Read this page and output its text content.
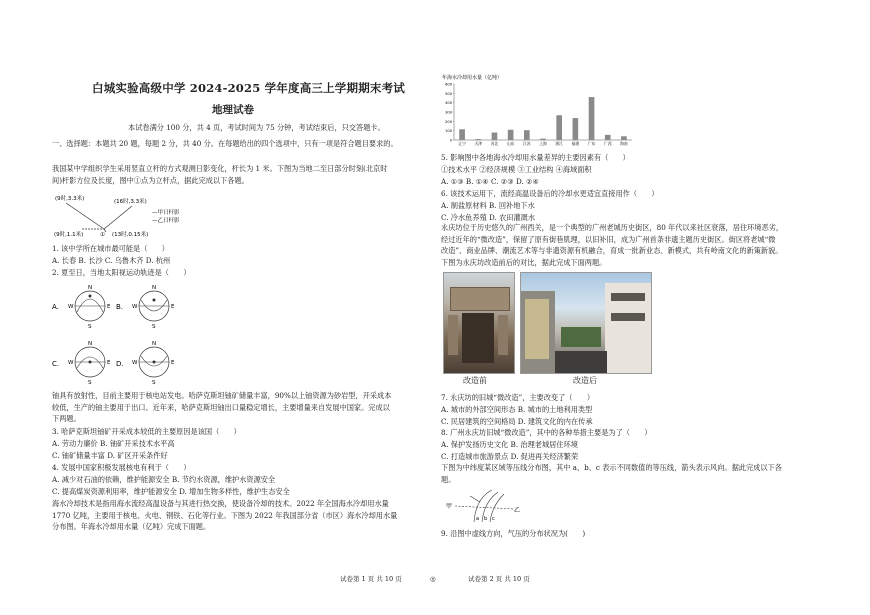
白城实验高级中学 2024-2025 学年度高三上学期期末考试
地理试卷
本试卷满分 100 分，共 4 页，考试时间为 75 分钟，考试结束后，只交答题卡。
一、选择题：本题共 20 题，每题 2 分，共 40 分。在每题给出的四个选项中，只有一项是符合题目要求的。
我国某中学组织学生采用竖直立杆的方式观测日影变化，杆长为 1 米。下图为当地二至日部分时刻(北京时
间)杆影方位及长度，图中①点为立杆点，据此完成以下各题。
(9时,3.3米)	(16时,3.3米)
(9时,1.1米)	(13时,0.15米)
①
—甲日杆影
—乙日杆影
1. 该中学所在城市最可能是（　　）
A. 长春 B. 长沙 C. 乌鲁木齐 D. 杭州
2. 夏至日，当地太阳视运动轨迹是（　　）
A.
N
S
W	E B.
N
S
W	E
C.
N
S
W	E D.
N
S
W	E
铀具有放射性，目前主要用于核电站发电。哈萨克斯坦铀矿储量丰富，90%以上铀资源为砂岩型，开采成本
较低，生产的铀主要用于出口。近年来，哈萨克斯坦铀出口量稳定增长，主要增量来自发展中国家。完成以
下两题。
3. 哈萨克斯坦铀矿开采成本较低的主要原因是该国（　　）
A. 劳动力廉价 B. 铀矿开采技术水平高
C. 铀矿储量丰富 D. 矿区开采条件好
4. 发展中国家积极发展核电有利于（　　）
A. 减少对石油的依赖，维护能源安全 B. 节约水资源，维护水资源安全
C. 提高煤炭资源利用率，维护能源安全 D. 增加生物多样性，维护生态安全
海水冷却技术是指用海水流经高温设备与其进行热交换，使设备冷却的技术。2022 年全国海水冷却用水量
1770 亿吨，主要用于核电、火电、钢铁、石化等行业。下图为 2022 年我国部分省（市区）海水冷却用水量
分布图。年海水冷却用水量（亿吨）完成下面题。
年海水冷却用水量（亿吨）
600
500
400
300
200
100
0
辽宁 天津 河北 山东 江苏 上海 浙江 福建 广东 广西 海南
5. 影响图中各地海水冷却用水量差异的主要因素有（　　）
①技术水平 ②经济规模 ③工业结构 ④海域面积
A. ①③ B. ①④ C. ②③ D. ②④
6. 该技术运用下，流经高温设备后的冷却水更适宜直接用作（　　）
A. 制盐原材料 B. 回补地下水
C. 冷水鱼养殖 D. 农田灌溉水
永庆坊位于历史悠久的广州西关，是一个典型的广州老城历史街区，80 年代以来社区衰落，居住环境恶劣，
经过近年的“微改造”，保留了原有街巷肌理，以旧补旧，成为广州首条非遗主题历史街区。街区将老城“微
改造”、商业品牌、潮流艺术等与非遗资源有机融合，育成一批新业态、新模式，共有岭南文化的新策新貌。
下图为永庆坊改造前后的对比，据此完成下面两题。
改造前	改造后
7. 永庆坊的旧城“微改造”，主要改变了（　　）
A. 城市的外部空间形态 B. 城市的土地利用类型
C. 民居建筑的空间格局 D. 建筑文化的内在传承
8. 广州永庆坊旧城“微改造”，其中的各种举措主要是为了（　　）
A. 保护发扬历史文化 B. 治理老城居住环境
C. 打造城市旅游景点 D. 促进再关经济繁荣
下图为中纬度某区域等压线分布图，其中 a、b、c 表示不同数值的等压线，箭头表示风向。据此完成以下各
题。
甲
乙
a b c
9. 沿图中虚线方向，气压的分布状况为(　　)
试卷第 1 页 共 10 页	◎	试卷第 2 页 共 10 页
